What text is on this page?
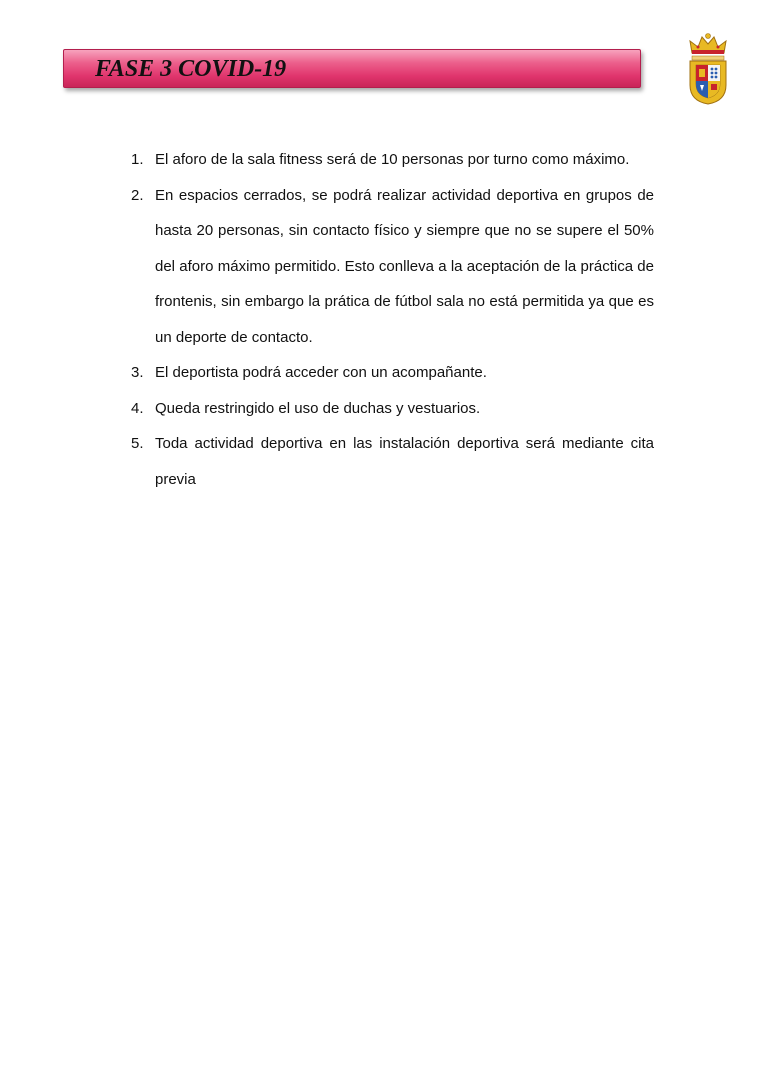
FASE 3 COVID-19
1. El aforo de la sala fitness será de 10 personas por turno como máximo.
2. En espacios cerrados, se podrá realizar actividad deportiva en grupos de hasta 20 personas, sin contacto físico y siempre que no se supere el 50% del aforo máximo permitido. Esto conlleva a la aceptación de la práctica de frontenis, sin embargo la prática de fútbol sala no está permitida ya que es un deporte de contacto.
3. El deportista podrá acceder con un acompañante.
4. Queda restringido el uso de duchas y vestuarios.
5. Toda actividad deportiva en las instalación deportiva será mediante cita previa
